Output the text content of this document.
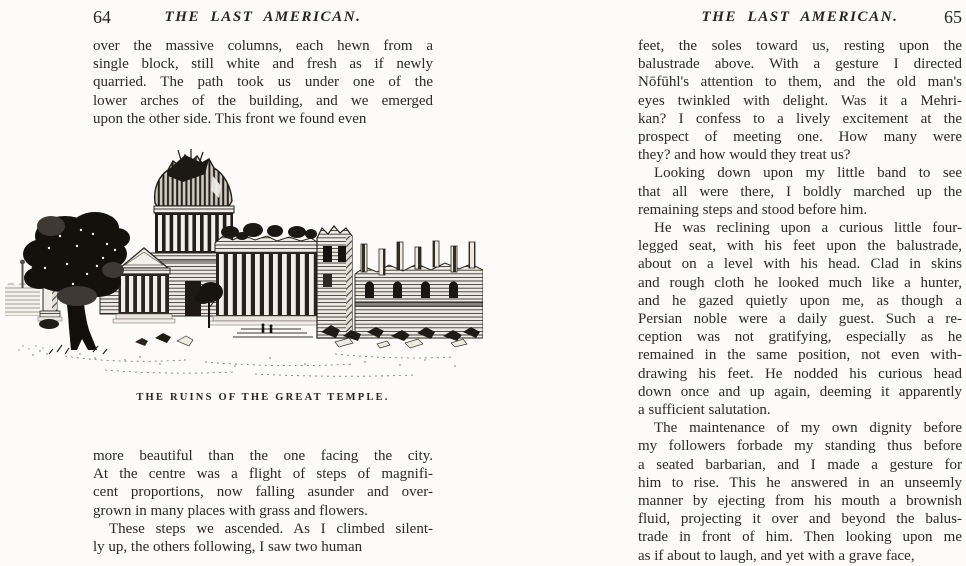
64	THE LAST AMERICAN.
over the massive columns, each hewn from a
single block, still white and fresh as if newly
quarried. The path took us under one of the
lower arches of the building, and we emerged
upon the other side. This front we found even
THE RUINS OF THE GREAT TEMPLE.
more beautiful than the one facing the city.
At the centre was a flight of steps of magnifi-
cent proportions, now falling asunder and over-
grown in many places with grass and flowers.
These steps we ascended. As I climbed silent-
ly up, the others following, I saw two human
THE LAST AMERICAN.	65
feet, the soles toward us, resting upon the
balustrade above. With a gesture I directed
Nōfūhl's attention to them, and the old man's
eyes twinkled with delight. Was it a Mehri-
kan? I confess to a lively excitement at the
prospect of meeting one. How many were
they? and how would they treat us?
Looking down upon my little band to see
that all were there, I boldly marched up the
remaining steps and stood before him.
He was reclining upon a curious little four-
legged seat, with his feet upon the balustrade,
about on a level with his head. Clad in skins
and rough cloth he looked much like a hunter,
and he gazed quietly upon me, as though a
Persian noble were a daily guest. Such a re-
ception was not gratifying, especially as he
remained in the same position, not even with-
drawing his feet. He nodded his curious head
down once and up again, deeming it apparently
a sufficient salutation.
The maintenance of my own dignity before
my followers forbade my standing thus before
a seated barbarian, and I made a gesture for
him to rise. This he answered in an unseemly
manner by ejecting from his mouth a brownish
fluid, projecting it over and beyond the balus-
trade in front of him. Then looking upon me
as if about to laugh, and yet with a grave face,
